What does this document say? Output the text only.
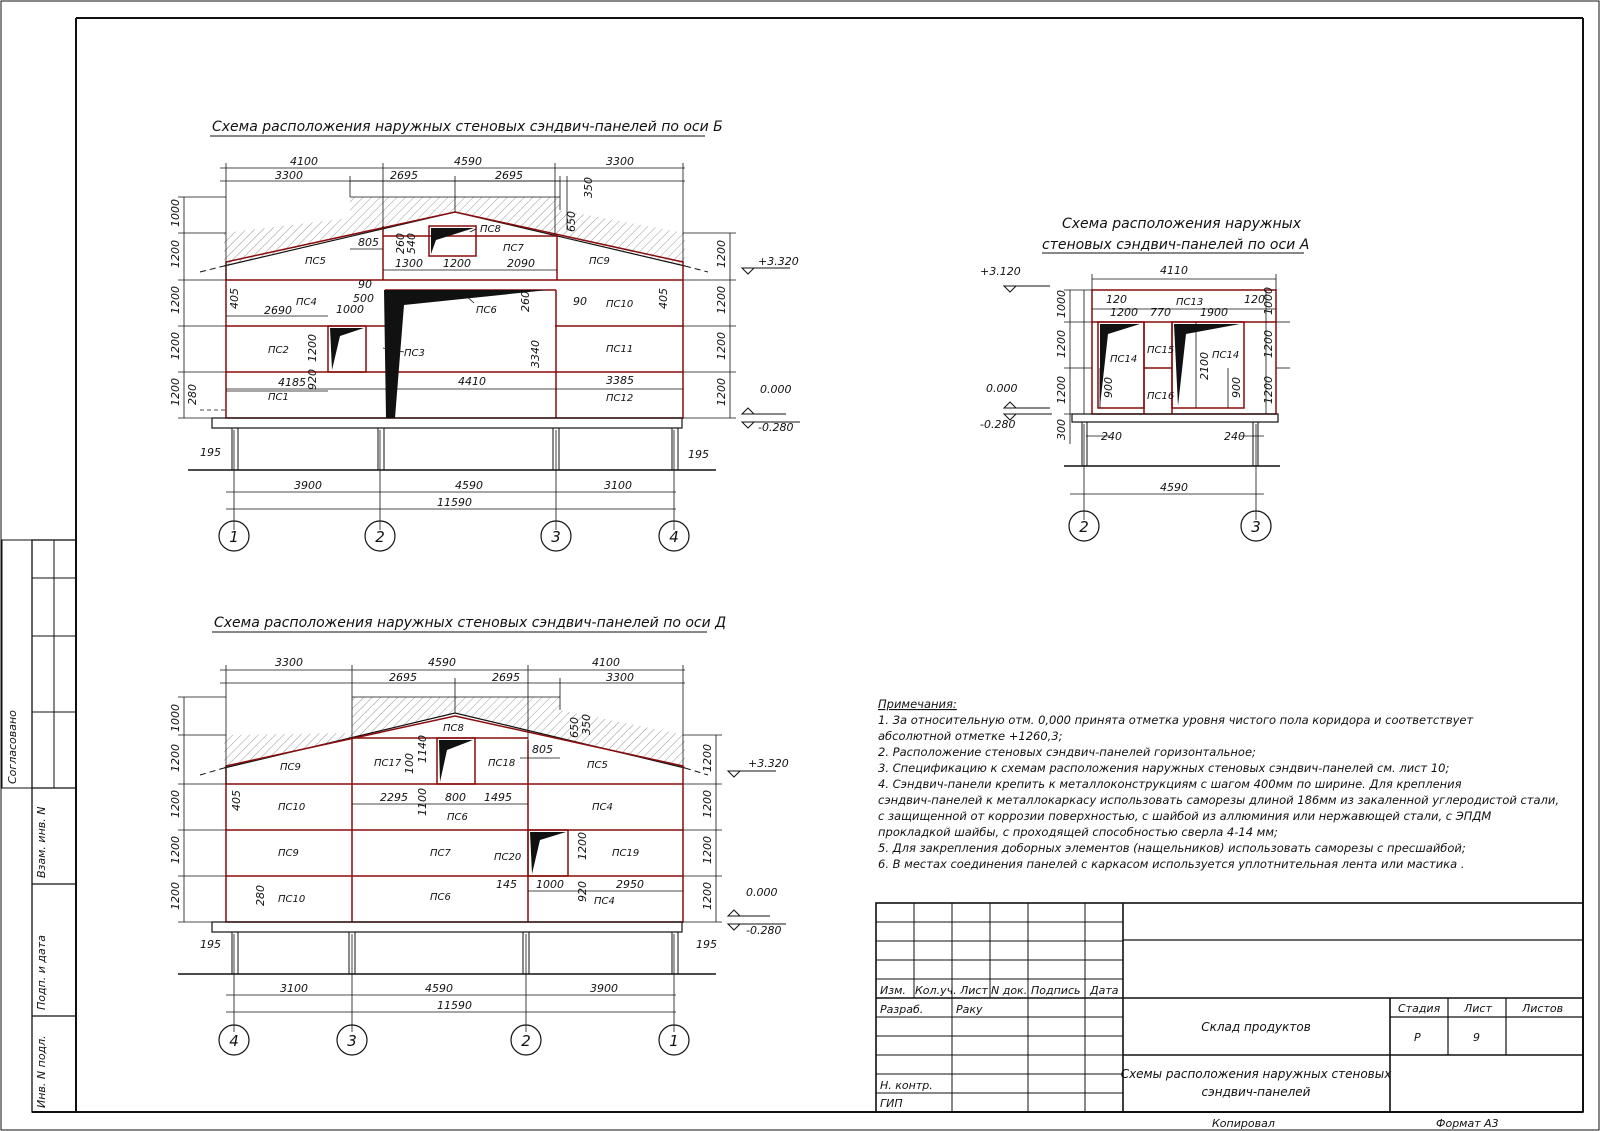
Согласовано
Взам. инв. N
Подп. и дата
Инв. N подл.
Схема расположения наружных стеновых сэндвич-панелей по оси Б
ПС5
ПС7
ПС8
ПС9
ПС4
ПС6
ПС10
ПС2	ПС3	ПС11
ПС1	ПС12
805 260
540
1300 1200	2090
90
500
2690	1000
90
260
4185 920	4410
3340
3385
1200
405	405
280
650
4100	4590	3300
3300	2695	2695
350
1000
1200
1200
1200
1200
1200
1200
1200
1200
195	195
+3.320
0.000
-0.280
3900	4590	3100
11590
1	2	3	4
Схема расположения наружных
стеновых сэндвич-панелей по оси А
ПС13
ПС14
ПС15	ПС14
ПС16
4110
120	120
1200 770	1900
2100
900	900
240	240
1000
1200
1200
300
1000
1200
1200
4590
+3.120
0.000
-0.280
2	3
Схема расположения наружных стеновых сэндвич-панелей по оси Д
ПС8
ПС9	ПС17	ПС18	ПС5
ПС10
ПС6
ПС4
ПС9	ПС7	ПС20	ПС19
ПС10	ПС6	ПС4
100
1140	805
2295	800 1495
1100
145 1000	2950
920
1200
405
280
3300	4590	4100
2695	2695	3300
350
650
1000
1200
1200
1200
1200
1200
1200
1200
1200
195	195
3100	4590	3900
11590
+3.320
0.000
-0.280
4	3	2	1
Примечания:
1. За относительную отм. 0,000 принята отметка уровня чистого пола коридора и соответствует
абсолютной отметке +1260,3;
2. Расположение стеновых сэндвич-панелей горизонтальное;
3. Спецификацию к схемам расположения наружных стеновых сэндвич-панелей см. лист 10;
4. Сэндвич-панели крепить к металлоконструкциям с шагом 400мм по ширине. Для крепления
сэндвич-панелей к металлокаркасу использовать саморезы длиной 186мм из закаленной углеродистой стали,
с защищенной от коррозии поверхностью, с шайбой из аллюминия или нержавющей стали, с ЭПДМ
прокладкой шайбы, с проходящей способностью сверла 4-14 мм;
5. Для закрепления доборных элементов (нащельников) использовать саморезы с пресшайбой;
6. В местах соединения панелей с каркасом используется уплотнительная лента или мастика .
Изм. Кол.уч. Лист N док. Подпись Дата
Разраб.	Раку
Н. контр.
ГИП
Стадия Лист	Листов
Р	9
Копировал	Формат А3
Склад продуктов
Схемы расположения наружных стеновых
сэндвич-панелей
